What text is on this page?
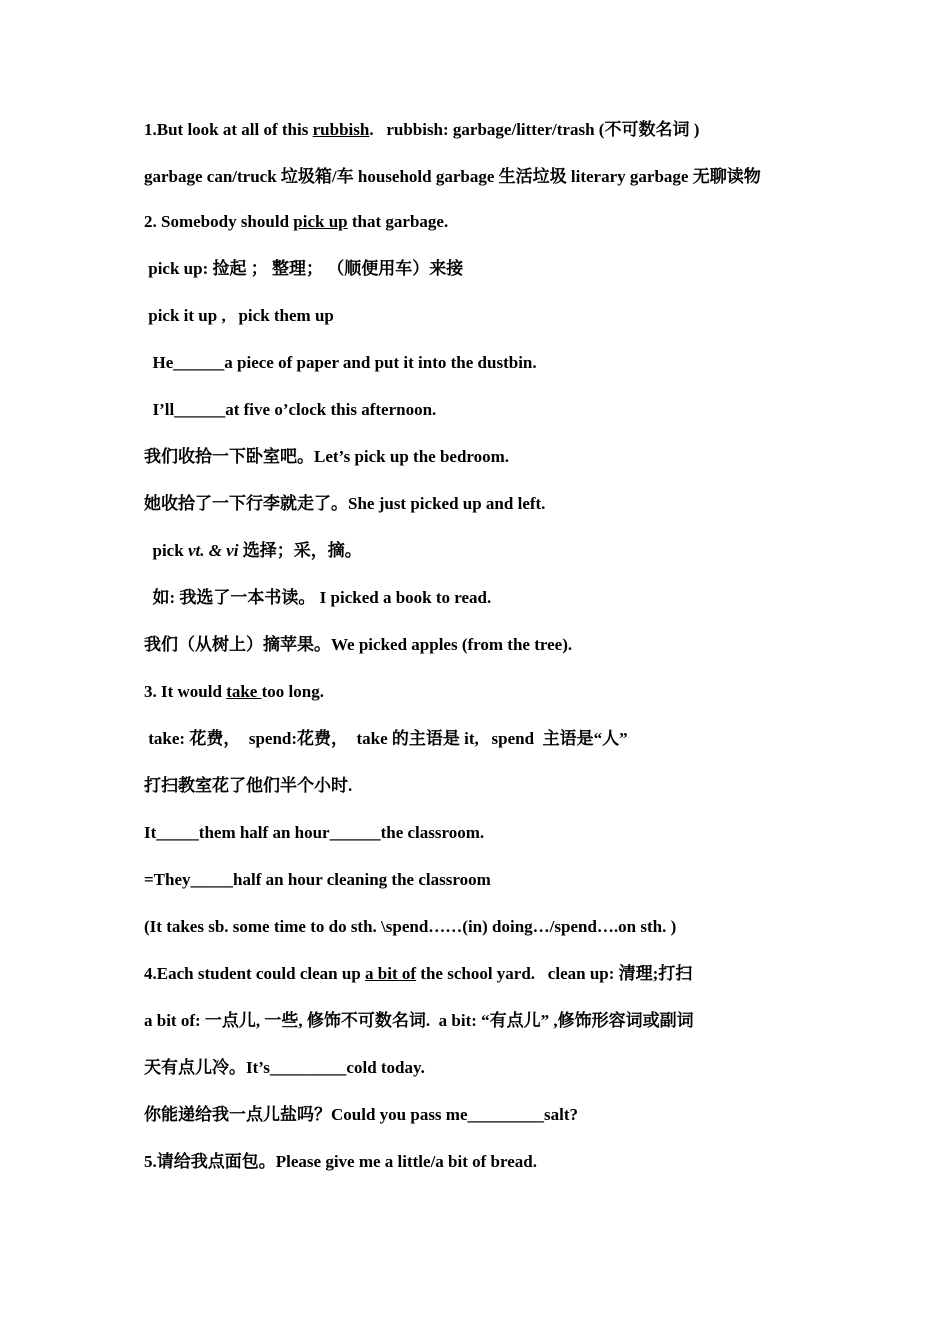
1.But look at all of this rubbish.   rubbish: garbage/litter/trash (不可数名词 )
garbage can/truck 垃圾箱/车 household garbage 生活垃圾 literary garbage 无聊读物
2. Somebody should pick up that garbage.
pick up: 捡起 ； 整理； （顺便用车）来接
pick it up ,   pick them up
He______a piece of paper and put it into the dustbin.
I’ll______at five o’clock this afternoon.
我们收拾一下卧室吧。Let’s pick up the bedroom.
她收拾了一下行李就走了。She just picked up and left.
pick vt. & vi 选择；采，摘。
如: 我选了一本书读。 I picked a book to read.
我们（从树上）摘苹果。We picked apples (from the tree).
3. It would take too long.
take: 花费，  spend:花费，  take 的主语是 it,   spend  主语是“人”
打扫教室花了他们半个小时.
It_____them half an hour______the classroom.
=They_____half an hour cleaning the classroom
(It takes sb. some time to do sth. \spend……(in) doing…/spend….on sth. )
4.Each student could clean up a bit of the school yard.   clean up: 清理;打扫
a bit of: 一点儿, 一些, 修饰不可数名词.  a bit: “有点儿” ,修饰形容词或副词
天有点儿冷。It’s_________cold today.
你能递给我一点儿盐吗？Could you pass me_________salt?
5.请给我点面包。Please give me a little/a bit of bread.
